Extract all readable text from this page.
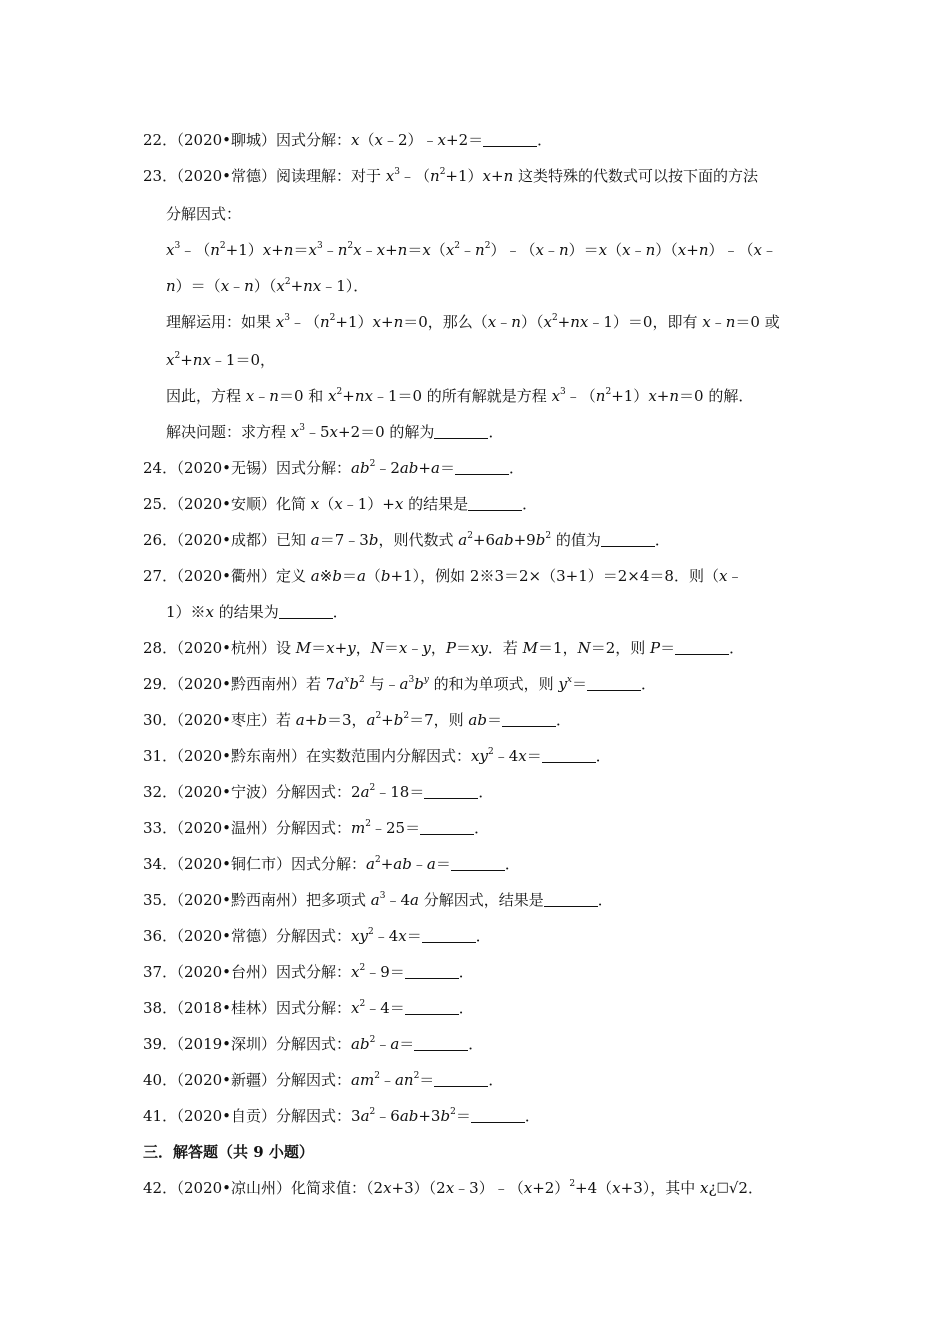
22．（2020•聊城）因式分解：x（x﹣2）﹣x+2＝	．
23．（2020•常德）阅读理解：对于 $x^3﹣(n^2+1)x+n$ 这类特殊的代数式可以按下面的方法
分解因式：
$x^3﹣(n^2+1)x+n=x^3﹣n^2x﹣x+n=x(x^2﹣n^2)﹣(x﹣n)=x(x﹣n)(x+n)﹣(x﹣$
$n)=(x﹣n)(x^2+nx﹣1)$．
理解运用：如果 $x^3﹣(n^2+1)x+n=0$，那么$(x﹣n)(x^2+nx﹣1)=0$，即有 x﹣n＝0 或
$x^2+nx﹣1=0$，
因此，方程 x﹣n＝0 和 $x^2+nx﹣1=0$ 的所有解就是方程 $x^3﹣(n^2+1)x+n=0$ 的解．
解决问题：求方程 $x^3﹣5x+2=0$ 的解为	．
24．（2020•无锡）因式分解：$ab^2﹣2ab+a=$	．
25．（2020•安顺）化简 x（x﹣1）+x 的结果是	．
26．（2020•成都）已知 a＝7﹣3b，则代数式 $a^2+6ab+9b^2$ 的值为	．
27．（2020•衢州）定义 a※b＝a（b+1），例如 2※3＝2×（3+1）＝2×4＝8．则（x﹣
1）※x 的结果为	．
28．（2020•杭州）设 M＝x+y，N＝x﹣y，P＝xy．若 M＝1，N＝2，则 P＝	．
29．（2020•黔西南州）若 $7a^xb^2$ 与$﹣a^3b^y$ 的和为单项式，则 $y^x=$	．
30．（2020•枣庄）若 a+b＝3，$a^2+b^2=7$，则 ab＝	．
31．（2020•黔东南州）在实数范围内分解因式：$xy^2﹣4x=$	．
32．（2020•宁波）分解因式：$2a^2﹣18=$	．
33．（2020•温州）分解因式：$m^2﹣25=$	．
34．（2020•铜仁市）因式分解：$a^2+ab﹣a=$	．
35．（2020•黔西南州）把多项式 $a^3﹣4a$ 分解因式，结果是	．
36．（2020•常德）分解因式：$xy^2﹣4x=$	．
37．（2020•台州）因式分解：$x^2﹣9=$	．
38．（2018•桂林）因式分解：$x^2﹣4=$	．
39．（2019•深圳）分解因式：$ab^2﹣a=$	．
40．（2020•新疆）分解因式：$am^2﹣an^2=$	．
41．（2020•自贡）分解因式：$3a^2﹣6ab+3b^2=$	．
三．解答题（共 9 小题）
42．（2020•凉山州）化简求值：$(2x+3)(2x﹣3)﹣(x+2)^2+4(x+3)$，其中 x¿□√2．
